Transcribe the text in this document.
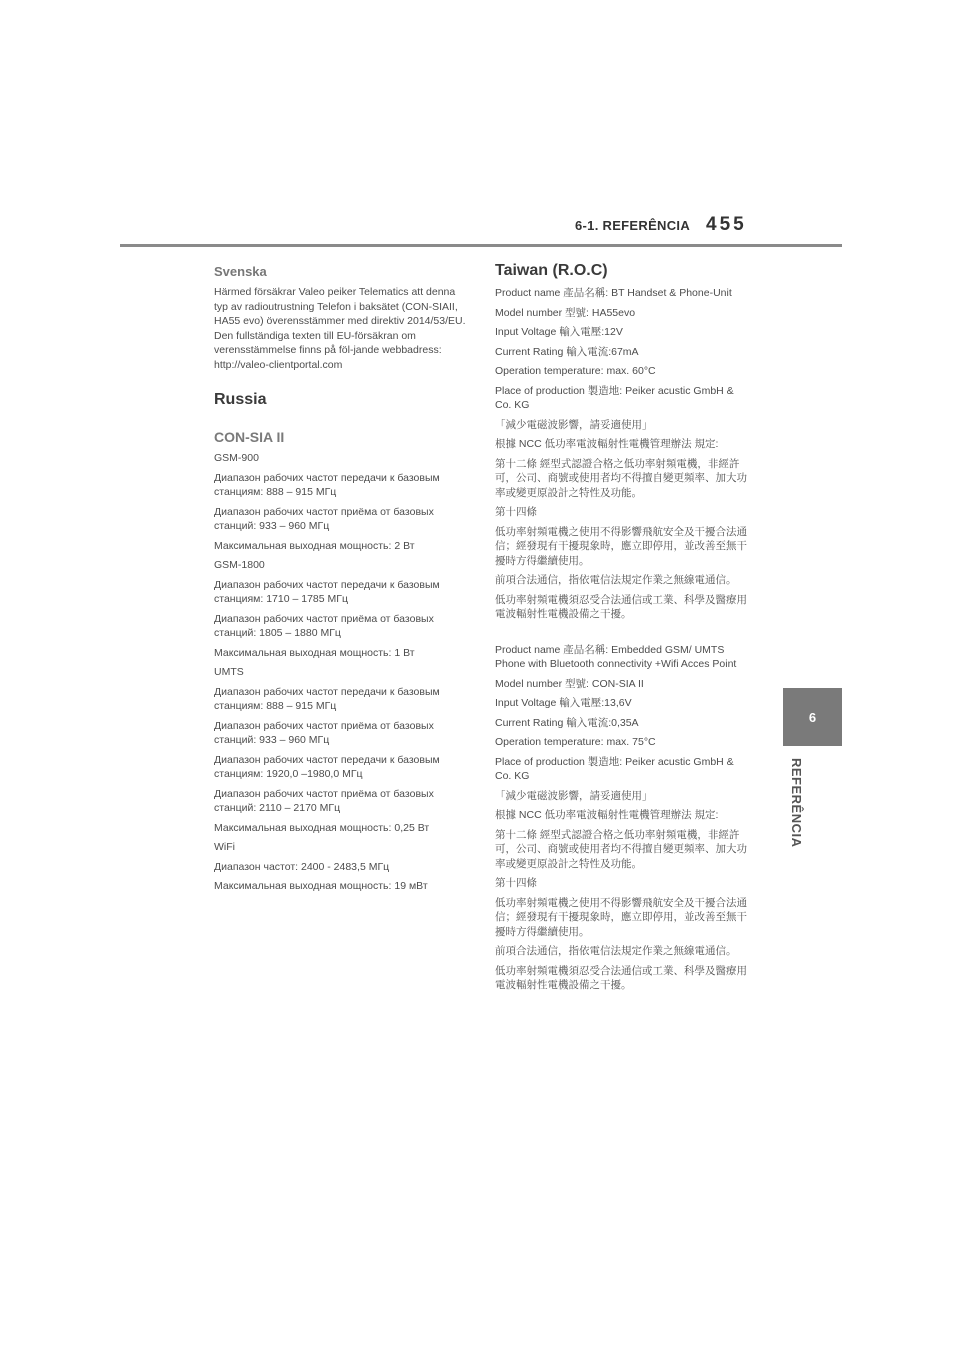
6-1. REFERÊNCIA 455
6
REFERÊNCIA
Svenska

Härmed försäkrar Valeo peiker Telematics att denna typ av radioutrustning Telefon i baksätet (CON-SIAII, HA55 evo) överensstämmer med direktiv 2014/53/EU. Den fullständiga texten till EU-försäkran om verensstämmelse finns på föl-jande webbadress: http://valeo-clientportal.com

Russia
CON-SIA II

GSM-900

Диапазон рабочих частот передачи к базовым станциям: 888 – 915 МГц

Диапазон рабочих частот приёма от базовых станций: 933 – 960 МГц

Максимальная выходная мощность: 2 Вт

GSM-1800

Диапазон рабочих частот передачи к базовым станциям: 1710 – 1785 МГц

Диапазон рабочих частот приёма от базовых станций: 1805 – 1880 МГц

Максимальная выходная мощность: 1 Вт

UMTS

Диапазон рабочих частот передачи к базовым станциям: 888 – 915 МГц

Диапазон рабочих частот приёма от базовых станций: 933 – 960 МГц

Диапазон рабочих частот передачи к базовым станциям: 1920,0 –1980,0 МГц

Диапазон рабочих частот приёма от базовых станций: 2110 – 2170 МГц

Максимальная выходная мощность: 0,25 Вт

WiFi

Диапазон частот: 2400 - 2483,5 МГц

Максимальная выходная мощность: 19 мВт

Taiwan (R.O.C)

Product name 產品名稱: BT Handset & Phone-Unit

Model number 型號: HA55evo

Input Voltage 輸入電壓:12V

Current Rating 輸入電流:67mA

Operation temperature: max. 60°C

Place of production 製造地: Peiker acustic GmbH & Co. KG

「減少電磁波影響，請妥適使用」

根據 NCC 低功率電波輻射性電機管理辦法 規定:

第十二條 經型式認證合格之低功率射頻電機，非經許可，公司、商號或使用者均不得擅自變更頻率、加大功率或變更原設計之特性及功能。

第十四條

低功率射頻電機之使用不得影響飛航安全及干擾合法通信；經發現有干擾現象時，應立即停用，並改善至無干擾時方得繼續使用。

前項合法通信，指依電信法規定作業之無線電通信。

低功率射頻電機須忍受合法通信或工業、科學及醫療用電波輻射性電機設備之干擾。

Product name 產品名稱: Embedded GSM/ UMTS Phone with Bluetooth connectivity +Wifi Acces Point

Model number 型號: CON-SIA II

Input Voltage 輸入電壓:13,6V

Current Rating 輸入電流:0,35A

Operation temperature: max. 75°C

Place of production 製造地: Peiker acustic GmbH & Co. KG

「減少電磁波影響，請妥適使用」

根據 NCC 低功率電波輻射性電機管理辦法 規定:

第十二條 經型式認證合格之低功率射頻電機，非經許可，公司、商號或使用者均不得擅自變更頻率、加大功率或變更原設計之特性及功能。

第十四條

低功率射頻電機之使用不得影響飛航安全及干擾合法通信；經發現有干擾現象時，應立即停用，並改善至無干擾時方得繼續使用。

前項合法通信，指依電信法規定作業之無線電通信。

低功率射頻電機須忍受合法通信或工業、科學及醫療用電波輻射性電機設備之干擾。
